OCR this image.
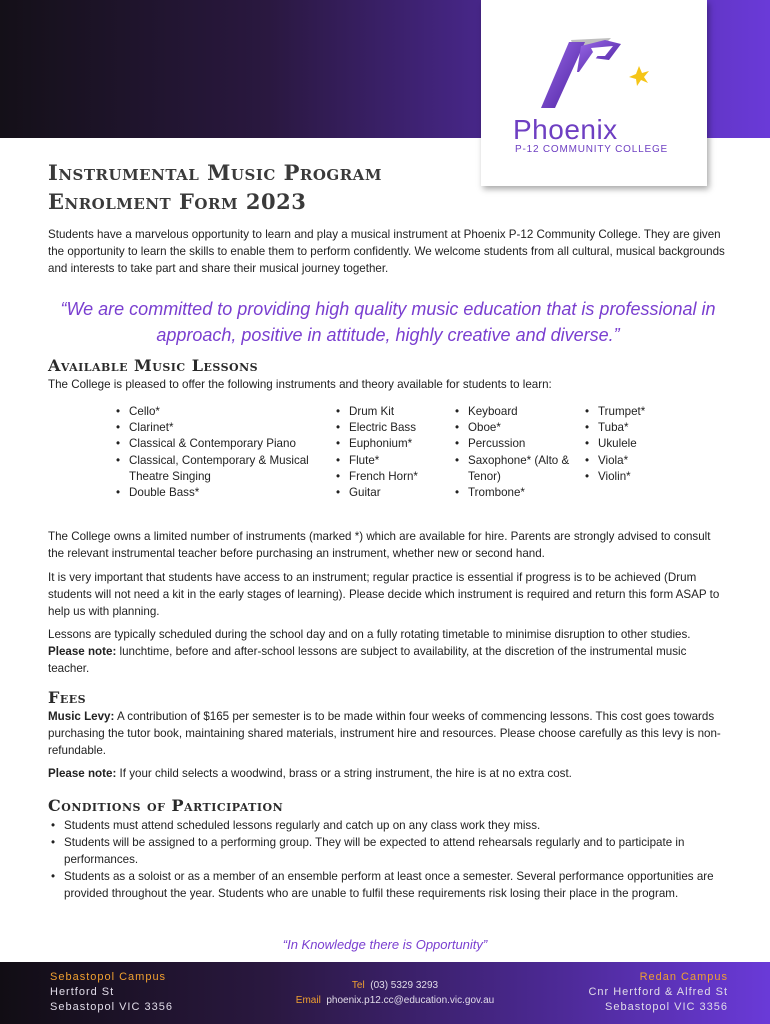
Phoenix
P-12 COMMUNITY COLLEGE
Instrumental Music Program
Enrolment Form 2023

Students have a marvelous opportunity to learn and play a musical instrument at Phoenix P-12 Community College. They are given the opportunity to learn the skills to enable them to perform confidently. We welcome students from all cultural, musical backgrounds and interests to take part and share their musical journey together.

“We are committed to providing high quality music education that is professional in approach, positive in attitude, highly creative and diverse.”
Available Music Lessons

The College is pleased to offer the following instruments and theory available for students to learn:

• Cello*
• Clarinet*
• Classical & Contemporary Piano
• Classical, Contemporary & Musical Theatre Singing
• Double Bass*
• Drum Kit
• Electric Bass
• Euphonium*
• Flute*
• French Horn*
• Guitar
• Keyboard
• Oboe*
• Percussion
• Saxophone* (Alto & Tenor)
• Trombone*
• Trumpet*
• Tuba*
• Ukulele
• Viola*
• Violin*

The College owns a limited number of instruments (marked *) which are available for hire. Parents are strongly advised to consult the relevant instrumental teacher before purchasing an instrument, whether new or second hand.

It is very important that students have access to an instrument; regular practice is essential if progress is to be achieved (Drum students will not need a kit in the early stages of learning). Please decide which instrument is required and return this form ASAP to help us with planning.

Lessons are typically scheduled during the school day and on a fully rotating timetable to minimise disruption to other studies. Please note: lunchtime, before and after-school lessons are subject to availability, at the discretion of the instrumental music teacher.

Fees

Music Levy: A contribution of $165 per semester is to be made within four weeks of commencing lessons. This cost goes towards purchasing the tutor book, maintaining shared materials, instrument hire and resources. Please choose carefully as this levy is non-refundable.

Please note: If your child selects a woodwind, brass or a string instrument, the hire is at no extra cost.

Conditions of Participation
• Students must attend scheduled lessons regularly and catch up on any class work they miss.
• Students will be assigned to a performing group. They will be expected to attend rehearsals regularly and to participate in performances.
• Students as a soloist or as a member of an ensemble perform at least once a semester. Several performance opportunities are provided throughout the year. Students who are unable to fulfil these requirements risk losing their place in the program.
“In Knowledge there is Opportunity”
Sebastopol Campus
Hertford St
Sebastopol VIC 3356
Tel (03) 5329 3293
Email phoenix.p12.cc@education.vic.gov.au
Redan Campus
Cnr Hertford & Alfred St
Sebastopol VIC 3356
